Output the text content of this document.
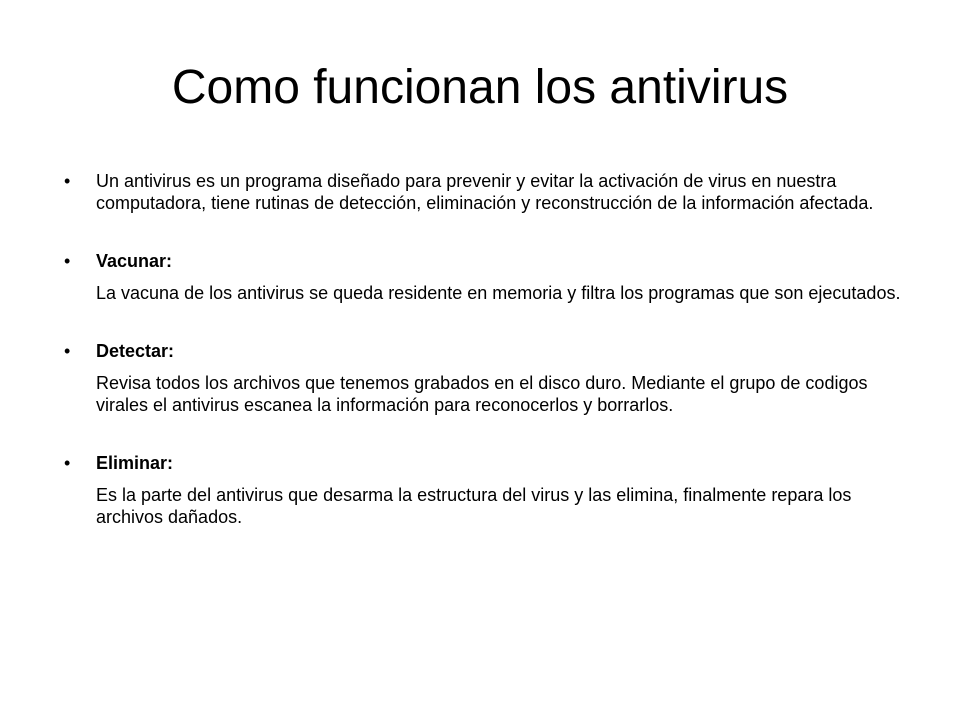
Como funcionan los antivirus
•	Un antivirus es un programa diseñado para prevenir y evitar la activación de virus en nuestra computadora, tiene rutinas de detección, eliminación y reconstrucción de la información afectada.
•	Vacunar:
La vacuna de los antivirus se queda residente en memoria y filtra los programas que son ejecutados.
•	Detectar:
Revisa todos los archivos que tenemos grabados en el disco duro. Mediante el grupo de codigos virales el antivirus escanea la información para reconocerlos y borrarlos.
•	Eliminar:
Es la parte del antivirus que desarma la estructura del virus y las elimina, finalmente repara los archivos dañados.
